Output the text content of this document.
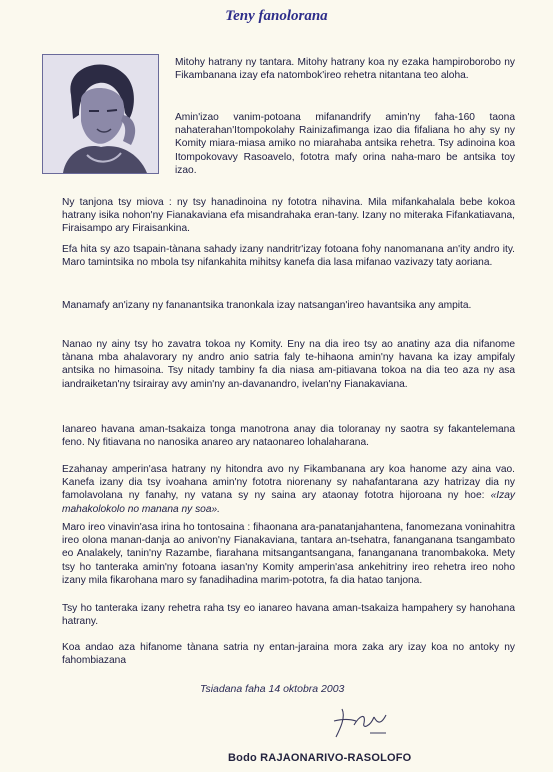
Teny fanolorana

Mitohy hatrany ny tantara. Mitohy hatrany koa ny ezaka hampiroborobo ny Fikambanana izay efa natombok'ireo rehetra nitantana teo aloha.

Amin'izao vanim-potoana mifanandrify amin'ny faha-160 taona nahaterahan'Itompokolahy Rainizafimanga izao dia fifaliana ho ahy sy ny Komity miara-miasa amiko no miarahaba antsika rehetra. Tsy adinoina koa Itompokovavy Rasoavelo, fototra mafy orina naha-maro be antsika toy izao.

Ny tanjona tsy miova : ny tsy hanadinoina ny fototra nihavina. Mila mifankahalala bebe kokoa hatrany isika nohon'ny Fianakaviana efa misandrahaka eran-tany. Izany no miteraka Fifankatiavana, Firaisampo ary Firaisankina.

Efa hita sy azo tsapain-tànana sahady izany nandritr'izay fotoana fohy nanomanana an'ity andro ity. Maro tamintsika no mbola tsy nifankahita mihitsy kanefa dia lasa mifanao vazivazy taty aoriana.

Manamafy an'izany ny fananantsika tranonkala izay natsangan'ireo havantsika any ampita.

Nanao ny ainy tsy ho zavatra tokoa ny Komity. Eny na dia ireo tsy ao anatiny aza dia nifanome tànana mba ahalavorary ny andro anio satria faly te-hihaona amin'ny havana ka izay ampifaly antsika no himasoina. Tsy nitady tambiny fa dia niasa am-pitiavana tokoa na dia teo aza ny asa iandraiketan'ny tsirairay avy amin'ny an-davanandro, ivelan'ny Fianakaviana.

Ianareo havana aman-tsakaiza tonga manotrona anay dia toloranay ny saotra sy fakantelemana feno. Ny fitiavana no nanosika anareo ary nataonareo lohalaharana.

Ezahanay amperin'asa hatrany ny hitondra avo ny Fikambanana ary koa hanome azy aina vao. Kanefa izany dia tsy ivoahana amin'ny fototra niorenany sy nahafantarana azy hatrizay dia ny famolavolana ny fanahy, ny vatana sy ny saina ary ataonay fototra hijoroana ny hoe: «Izay mahakolokolo no manana ny soa».

Maro ireo vinavin'asa irina ho tontosaina : fihaonana ara-panatanjahantena, fanomezana voninahitra ireo olona manan-danja ao anivon'ny Fianakaviana, tantara an-tsehatra, fananganana tsangambato eo Analakely, tanin'ny Razambe, fiarahana mitsangantsangana, fananganana tranombakoka. Mety tsy ho tanteraka amin'ny fotoana iasan'ny Komity amperin'asa ankehitriny ireo rehetra ireo noho izany mila fikarohana maro sy fanadihadina marim-pototra, fa dia hatao tanjona.

Tsy ho tanteraka izany rehetra raha tsy eo ianareo havana aman-tsakaiza hampahery sy hanohana hatrany.

Koa andao aza hifanome tànana satria ny entan-jaraina mora zaka ary izay koa no antoky ny fahombiazana

Tsiadana faha 14 oktobra 2003
Bodo RAJAONARIVO-RASOLOFO
